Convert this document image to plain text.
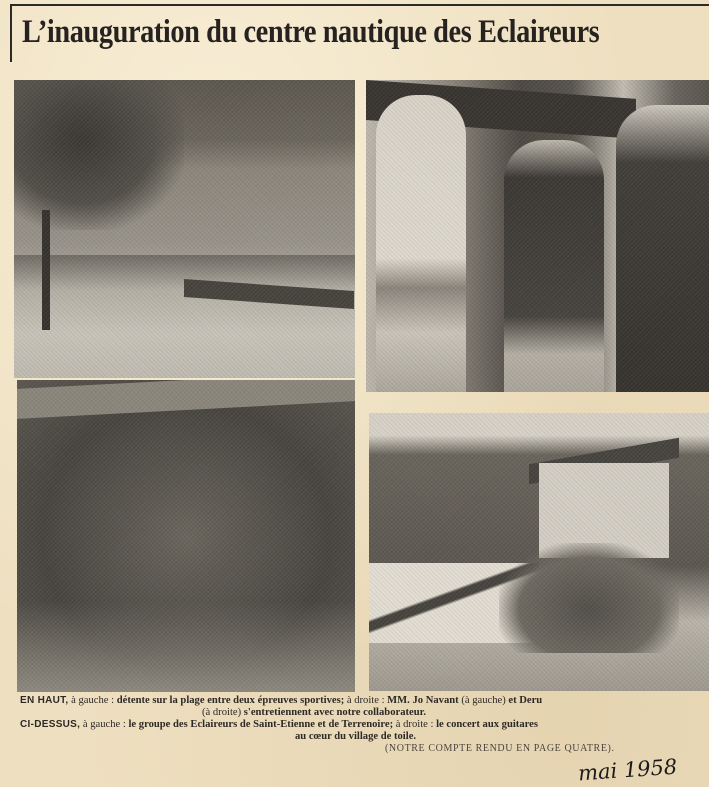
L’inauguration du centre nautique des Eclaireurs
EN HAUT, à gauche : détente sur la plage entre deux épreuves sportives; à droite : MM. Jo Navant (à gauche) et Deru
(à droite) s'entretiennent avec notre collaborateur.
CI-DESSUS, à gauche : le groupe des Eclaireurs de Saint-Etienne et de Terrenoire; à droite : le concert aux guitares
au cœur du village de toile.
(NOTRE COMPTE RENDU EN PAGE QUATRE).
mai 1958
